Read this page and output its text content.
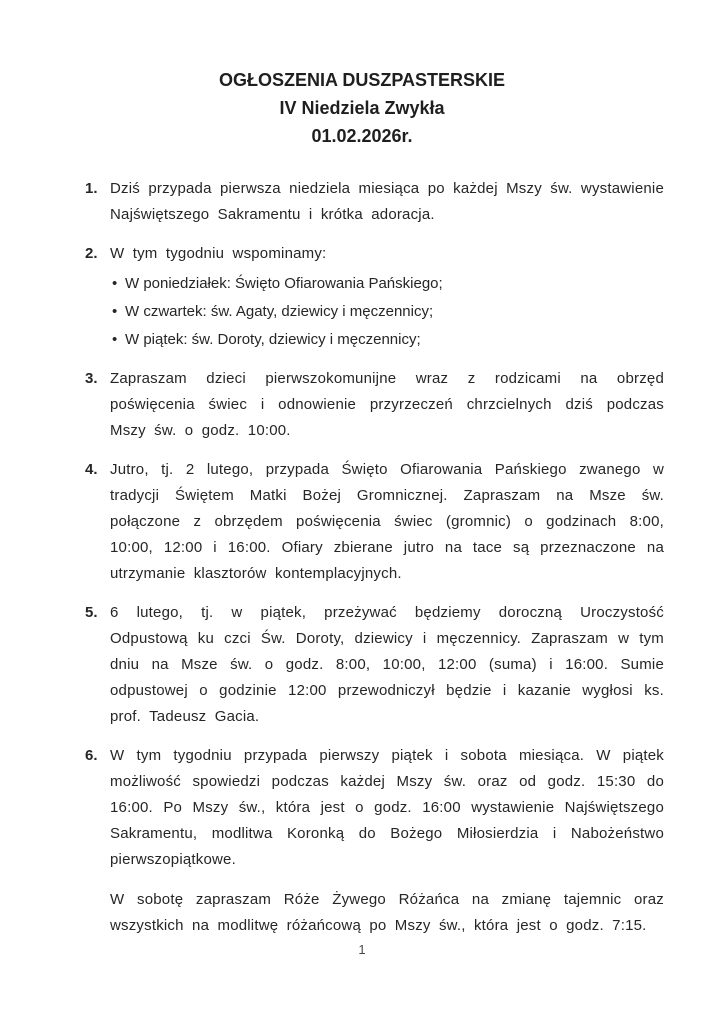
OGŁOSZENIA DUSZPASTERSKIE
IV Niedziela Zwykła
01.02.2026r.
1. Dziś przypada pierwsza niedziela miesiąca po każdej Mszy św. wystawienie Najświętszego Sakramentu i krótka adoracja.

2. W tym tygodniu wspominamy:

• W poniedziałek: Święto Ofiarowania Pańskiego;
• W czwartek: św. Agaty, dziewicy i męczennicy;
• W piątek: św. Doroty, dziewicy i męczennicy;
3. Zapraszam dzieci pierwszokomunijne wraz z rodzicami na obrzęd poświęcenia świec i odnowienie przyrzeczeń chrzcielnych dziś podczas Mszy św. o godz. 10:00.

4. Jutro, tj. 2 lutego, przypada Święto Ofiarowania Pańskiego zwanego w tradycji Świętem Matki Bożej Gromnicznej. Zapraszam na Msze św. połączone z obrzędem poświęcenia świec (gromnic) o godzinach 8:00, 10:00, 12:00 i 16:00. Ofiary zbierane jutro na tace są przeznaczone na utrzymanie klasztorów kontemplacyjnych.

5. 6 lutego, tj. w piątek, przeżywać będziemy doroczną Uroczystość Odpustową ku czci Św. Doroty, dziewicy i męczennicy. Zapraszam w tym dniu na Msze św. o godz. 8:00, 10:00, 12:00 (suma) i 16:00. Sumie odpustowej o godzinie 12:00 przewodniczył będzie i kazanie wygłosi ks. prof. Tadeusz Gacia.

6. W tym tygodniu przypada pierwszy piątek i sobota miesiąca. W piątek możliwość spowiedzi podczas każdej Mszy św. oraz od godz. 15:30 do 16:00. Po Mszy św., która jest o godz. 16:00 wystawienie Najświętszego Sakramentu, modlitwa Koronką do Bożego Miłosierdzia i Nabożeństwo pierwszopiątkowe.

W sobotę zapraszam Róże Żywego Różańca na zmianę tajemnic oraz wszystkich na modlitwę różańcową po Mszy św., która jest o godz. 7:15.

1
